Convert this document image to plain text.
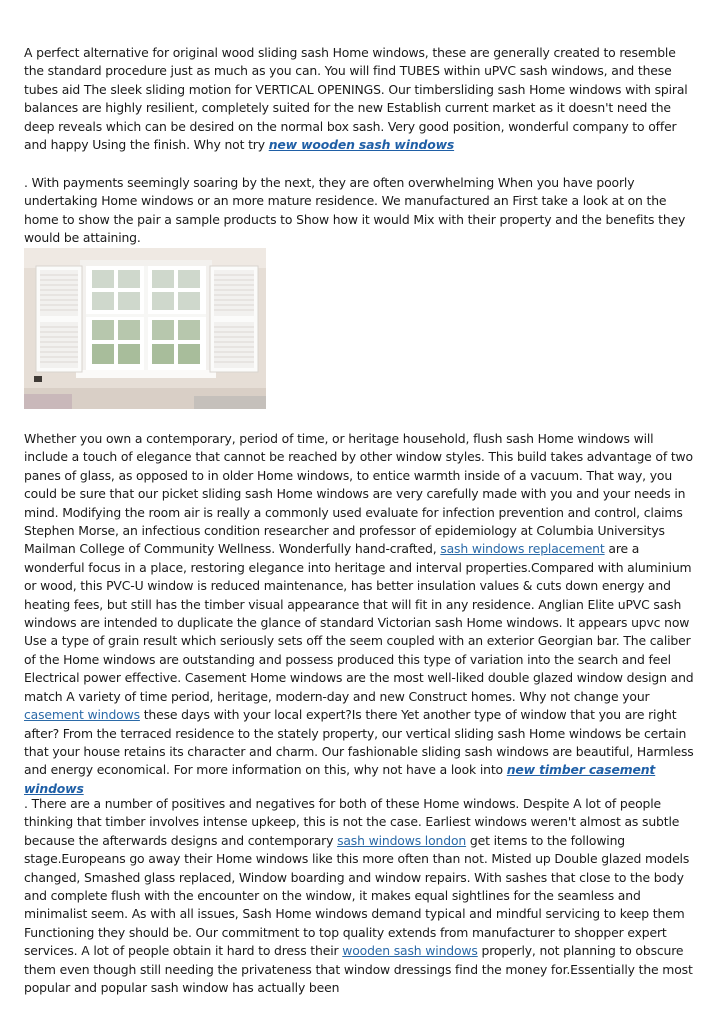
A perfect alternative for original wood sliding sash Home windows, these are generally created to resemble the standard procedure just as much as you can. You will find TUBES within uPVC sash windows, and these tubes aid The sleek sliding motion for VERTICAL OPENINGS. Our timbersliding sash Home windows with spiral balances are highly resilient, completely suited for the new Establish current market as it doesn't need the deep reveals which can be desired on the normal box sash. Very good position, wonderful company to offer and happy Using the finish. Why not try new wooden sash windows

. With payments seemingly soaring by the next, they are often overwhelming When you have poorly undertaking Home windows or an more mature residence. We manufactured an First take a look at on the home to show the pair a sample products to Show how it would Mix with their property and the benefits they would be attaining.

Whether you own a contemporary, period of time, or heritage household, flush sash Home windows will include a touch of elegance that cannot be reached by other window styles. This build takes advantage of two panes of glass, as opposed to in older Home windows, to entice warmth inside of a vacuum. That way, you could be sure that our picket sliding sash Home windows are very carefully made with you and your needs in mind. Modifying the room air is really a commonly used evaluate for infection prevention and control, claims Stephen Morse, an infectious condition researcher and professor of epidemiology at Columbia Universitys Mailman College of Community Wellness. Wonderfully hand-crafted, sash windows replacement are a wonderful focus in a place, restoring elegance into heritage and interval properties.Compared with aluminium or wood, this PVC-U window is reduced maintenance, has better insulation values & cuts down energy and heating fees, but still has the timber visual appearance that will fit in any residence. Anglian Elite uPVC sash windows are intended to duplicate the glance of standard Victorian sash Home windows. It appears upvc now Use a type of grain result which seriously sets off the seem coupled with an exterior Georgian bar. The caliber of the Home windows are outstanding and possess produced this type of variation into the search and feel Electrical power effective. Casement Home windows are the most well-liked double glazed window design and match A variety of time period, heritage, modern-day and new Construct homes. Why not change your casement windows these days with your local expert?Is there Yet another type of window that you are right after? From the terraced residence to the stately property, our vertical sliding sash Home windows be certain that your house retains its character and charm. Our fashionable sliding sash windows are beautiful, Harmless and energy economical. For more information on this, why not have a look into new timber casement windows

. There are a number of positives and negatives for both of these Home windows. Despite A lot of people thinking that timber involves intense upkeep, this is not the case. Earliest windows weren't almost as subtle because the afterwards designs and contemporary sash windows london get items to the following stage.Europeans go away their Home windows like this more often than not. Misted up Double glazed models changed, Smashed glass replaced, Window boarding and window repairs. With sashes that close to the body and complete flush with the encounter on the window, it makes equal sightlines for the seamless and minimalist seem. As with all issues, Sash Home windows demand typical and mindful servicing to keep them Functioning they should be. Our commitment to top quality extends from manufacturer to shopper expert services. A lot of people obtain it hard to dress their wooden sash windows properly, not planning to obscure them even though still needing the privateness that window dressings find the money for.Essentially the most popular and popular sash window has actually been
